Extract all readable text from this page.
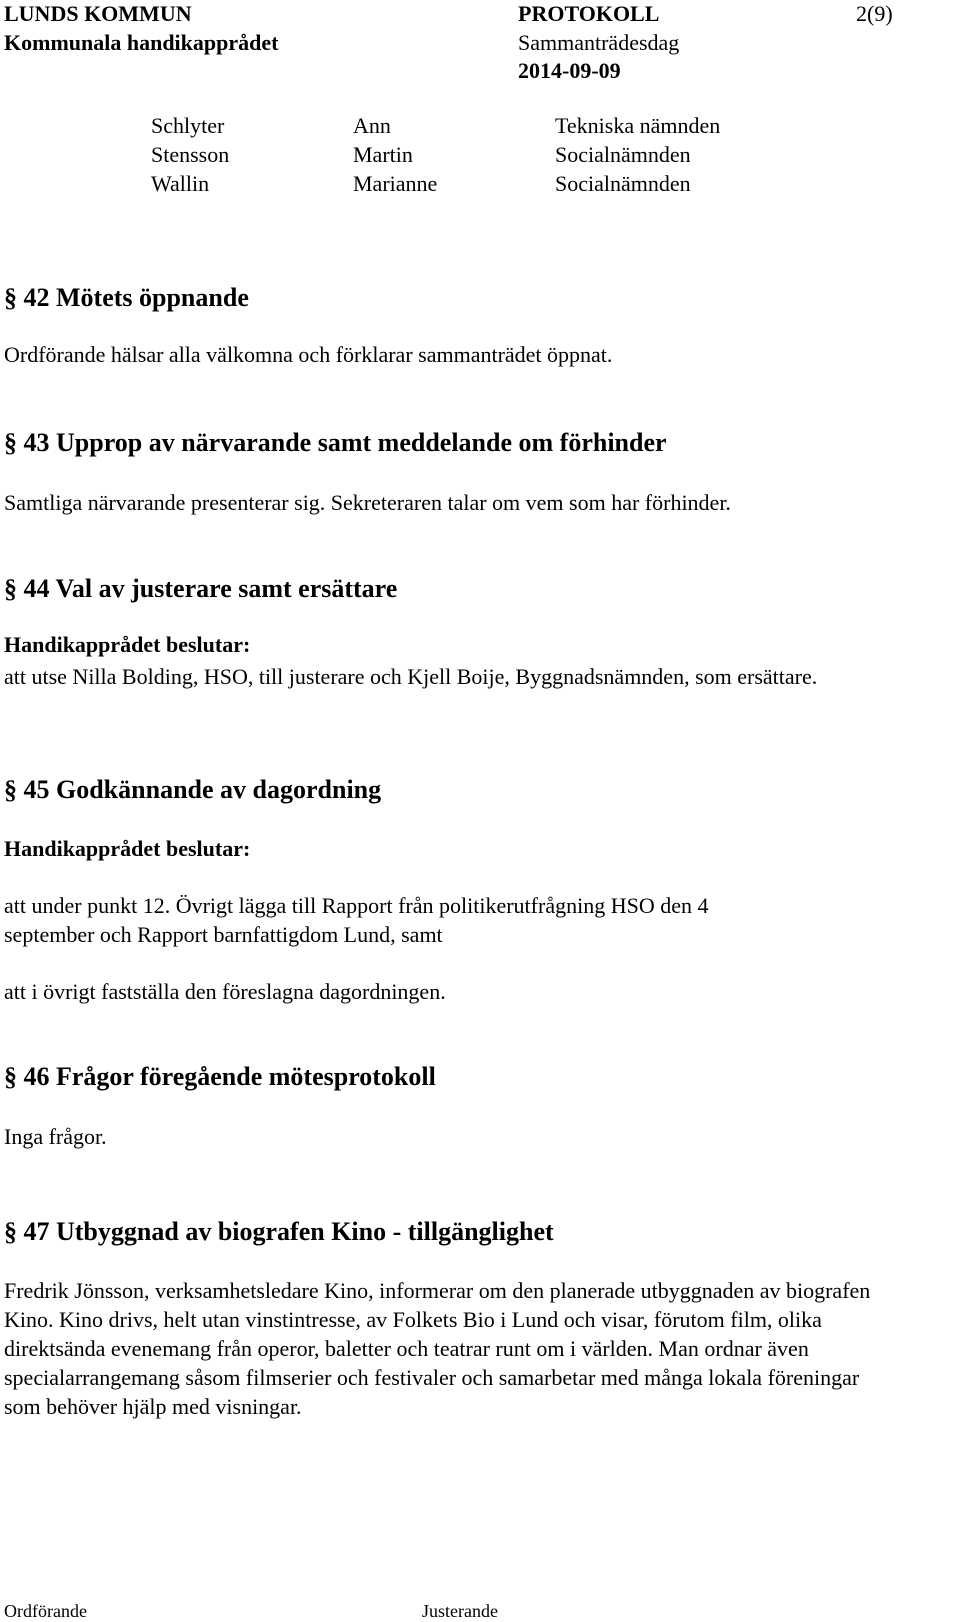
LUNDS KOMMUN	PROTOKOLL	2(9)
Kommunala handikapprådet	Sammanträdesdag
2014-09-09
Schlyter	Ann	Tekniska nämnden
Stensson	Martin	Socialnämnden
Wallin	Marianne	Socialnämnden
§ 42 Mötets öppnande
Ordförande hälsar alla välkomna och förklarar sammanträdet öppnat.
§ 43 Upprop av närvarande samt meddelande om förhinder
Samtliga närvarande presenterar sig. Sekreteraren talar om vem som har förhinder.
§ 44 Val av justerare samt ersättare
Handikapprådet beslutar:
att utse Nilla Bolding, HSO, till justerare och Kjell Boije, Byggnadsnämnden, som ersättare.
§ 45 Godkännande av dagordning
Handikapprådet beslutar:
att under punkt 12. Övrigt lägga till Rapport från politikerutfrågning HSO den 4 september och Rapport barnfattigdom Lund, samt
att i övrigt fastställa den föreslagna dagordningen.
§ 46 Frågor föregående mötesprotokoll
Inga frågor.
§ 47 Utbyggnad av biografen Kino - tillgänglighet
Fredrik Jönsson, verksamhetsledare Kino, informerar om den planerade utbyggnaden av biografen Kino. Kino drivs, helt utan vinstintresse, av Folkets Bio i Lund och visar, förutom film, olika direktsända evenemang från operor, baletter och teatrar runt om i världen. Man ordnar även specialarrangemang såsom filmserier och festivaler och samarbetar med många lokala föreningar som behöver hjälp med visningar.
Ordförande	Justerande
